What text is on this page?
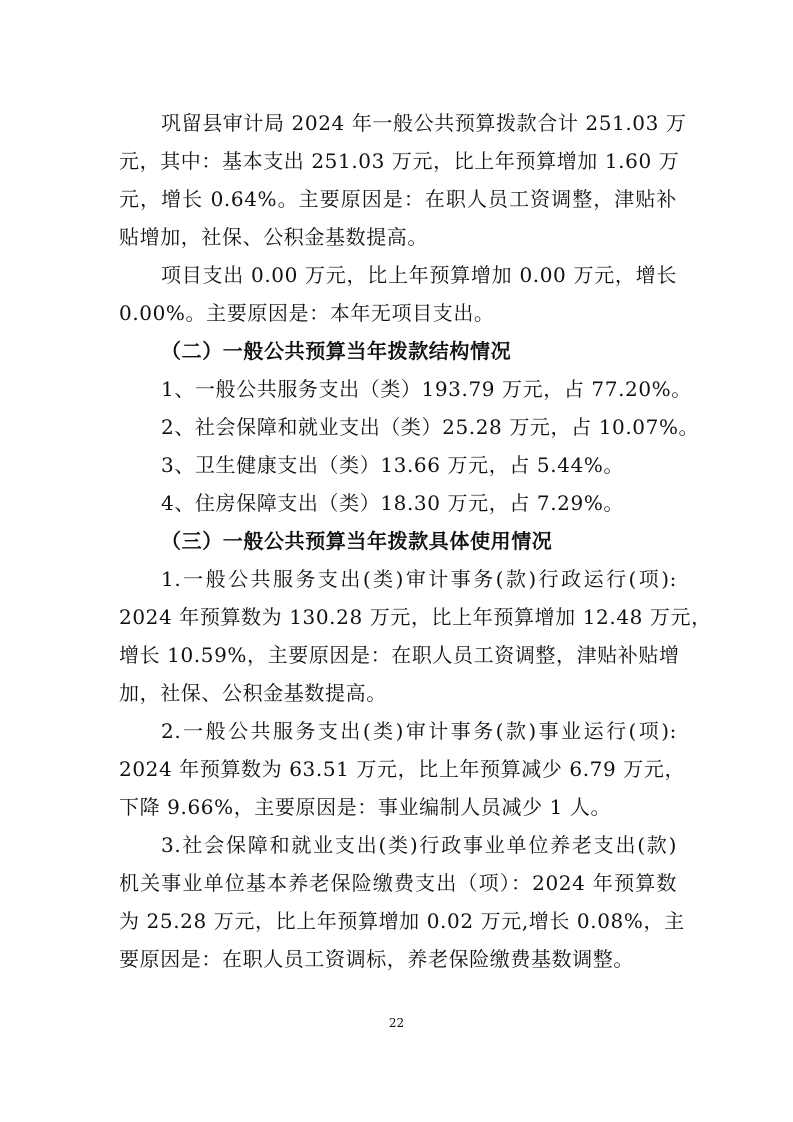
巩留县审计局 2024 年一般公共预算拨款合计 251.03 万
元，其中：基本支出 251.03 万元，比上年预算增加 1.60 万
元，增长 0.64%。主要原因是：在职人员工资调整，津贴补
贴增加，社保、公积金基数提高。
项目支出 0.00 万元，比上年预算增加 0.00 万元，增长
0.00%。主要原因是：本年无项目支出。
（二）一般公共预算当年拨款结构情况
1、一般公共服务支出（类）193.79 万元，占 77.20%。
2、社会保障和就业支出（类）25.28 万元，占 10.07%。
3、卫生健康支出（类）13.66 万元，占 5.44%。
4、住房保障支出（类）18.30 万元，占 7.29%。
（三）一般公共预算当年拨款具体使用情况
1.一般公共服务支出(类)审计事务(款)行政运行(项):
2024 年预算数为 130.28 万元，比上年预算增加 12.48 万元，
增长 10.59%，主要原因是：在职人员工资调整，津贴补贴增
加，社保、公积金基数提高。
2.一般公共服务支出(类)审计事务(款)事业运行(项):
2024 年预算数为 63.51 万元，比上年预算减少 6.79 万元，
下降 9.66%，主要原因是：事业编制人员减少 1 人。
3.社会保障和就业支出(类)行政事业单位养老支出(款)
机关事业单位基本养老保险缴费支出（项）：2024 年预算数
为 25.28 万元，比上年预算增加 0.02 万元,增长 0.08%，主
要原因是：在职人员工资调标，养老保险缴费基数调整。
22
